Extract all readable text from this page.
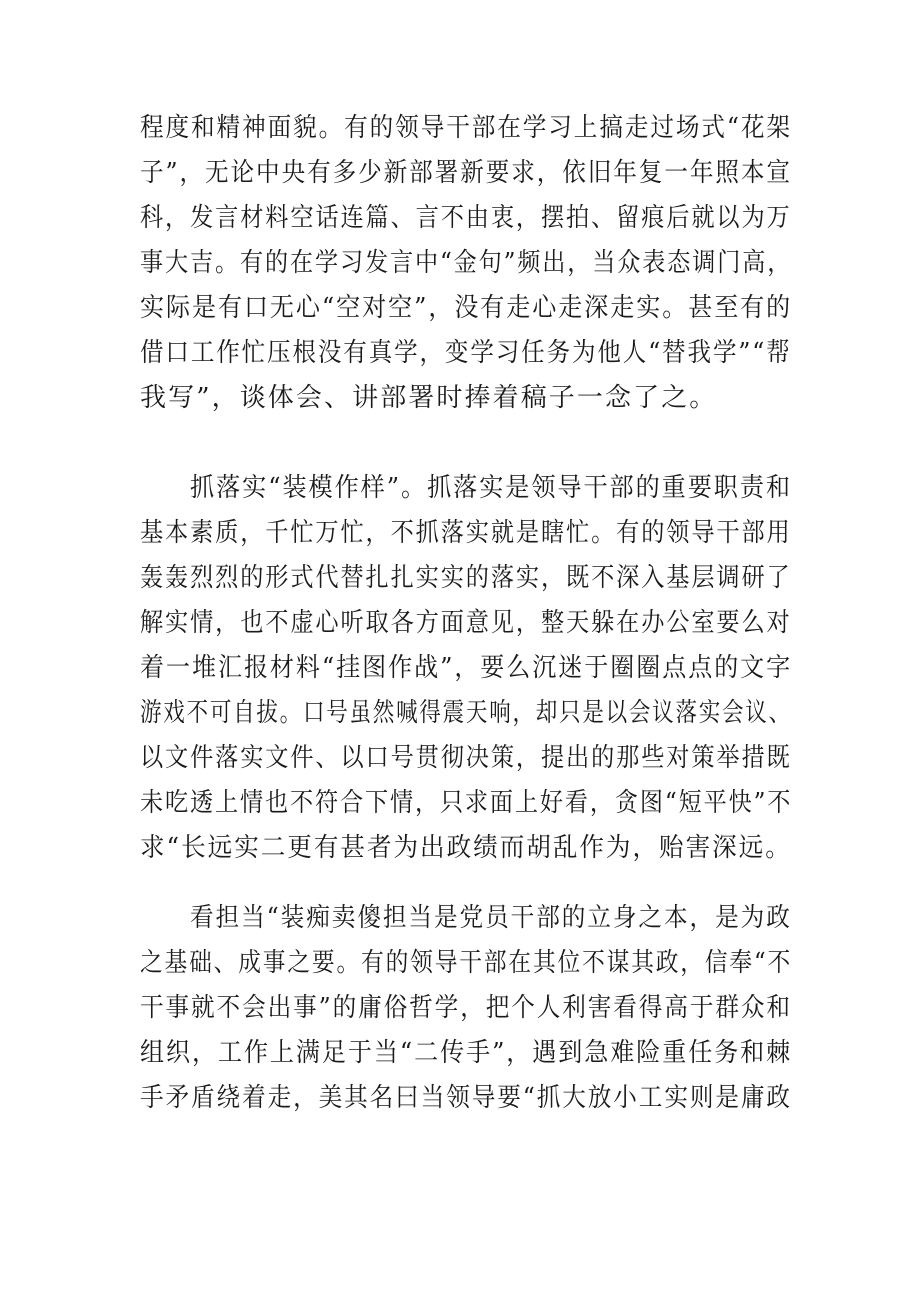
程度和精神面貌。有的领导干部在学习上搞走过场式“花架
子”，无论中央有多少新部署新要求，依旧年复一年照本宣
科，发言材料空话连篇、言不由衷，摆拍、留痕后就以为万
事大吉。有的在学习发言中“金句”频出，当众表态调门高，
实际是有口无心“空对空”，没有走心走深走实。甚至有的
借口工作忙压根没有真学，变学习任务为他人“替我学”“帮
我写”，谈体会、讲部署时捧着稿子一念了之。
抓落实“装模作样”。抓落实是领导干部的重要职责和
基本素质，千忙万忙，不抓落实就是瞎忙。有的领导干部用
轰轰烈烈的形式代替扎扎实实的落实，既不深入基层调研了
解实情，也不虚心听取各方面意见，整天躲在办公室要么对
着一堆汇报材料“挂图作战”，要么沉迷于圈圈点点的文字
游戏不可自拔。口号虽然喊得震天响，却只是以会议落实会议、
以文件落实文件、以口号贯彻决策，提出的那些对策举措既
未吃透上情也不符合下情，只求面上好看，贪图“短平快”不
求“长远实二更有甚者为出政绩而胡乱作为，贻害深远。
看担当“装痴卖傻担当是党员干部的立身之本，是为政
之基础、成事之要。有的领导干部在其位不谋其政，信奉“不
干事就不会出事”的庸俗哲学，把个人利害看得高于群众和
组织，工作上满足于当“二传手”，遇到急难险重任务和棘
手矛盾绕着走，美其名曰当领导要“抓大放小工实则是庸政
